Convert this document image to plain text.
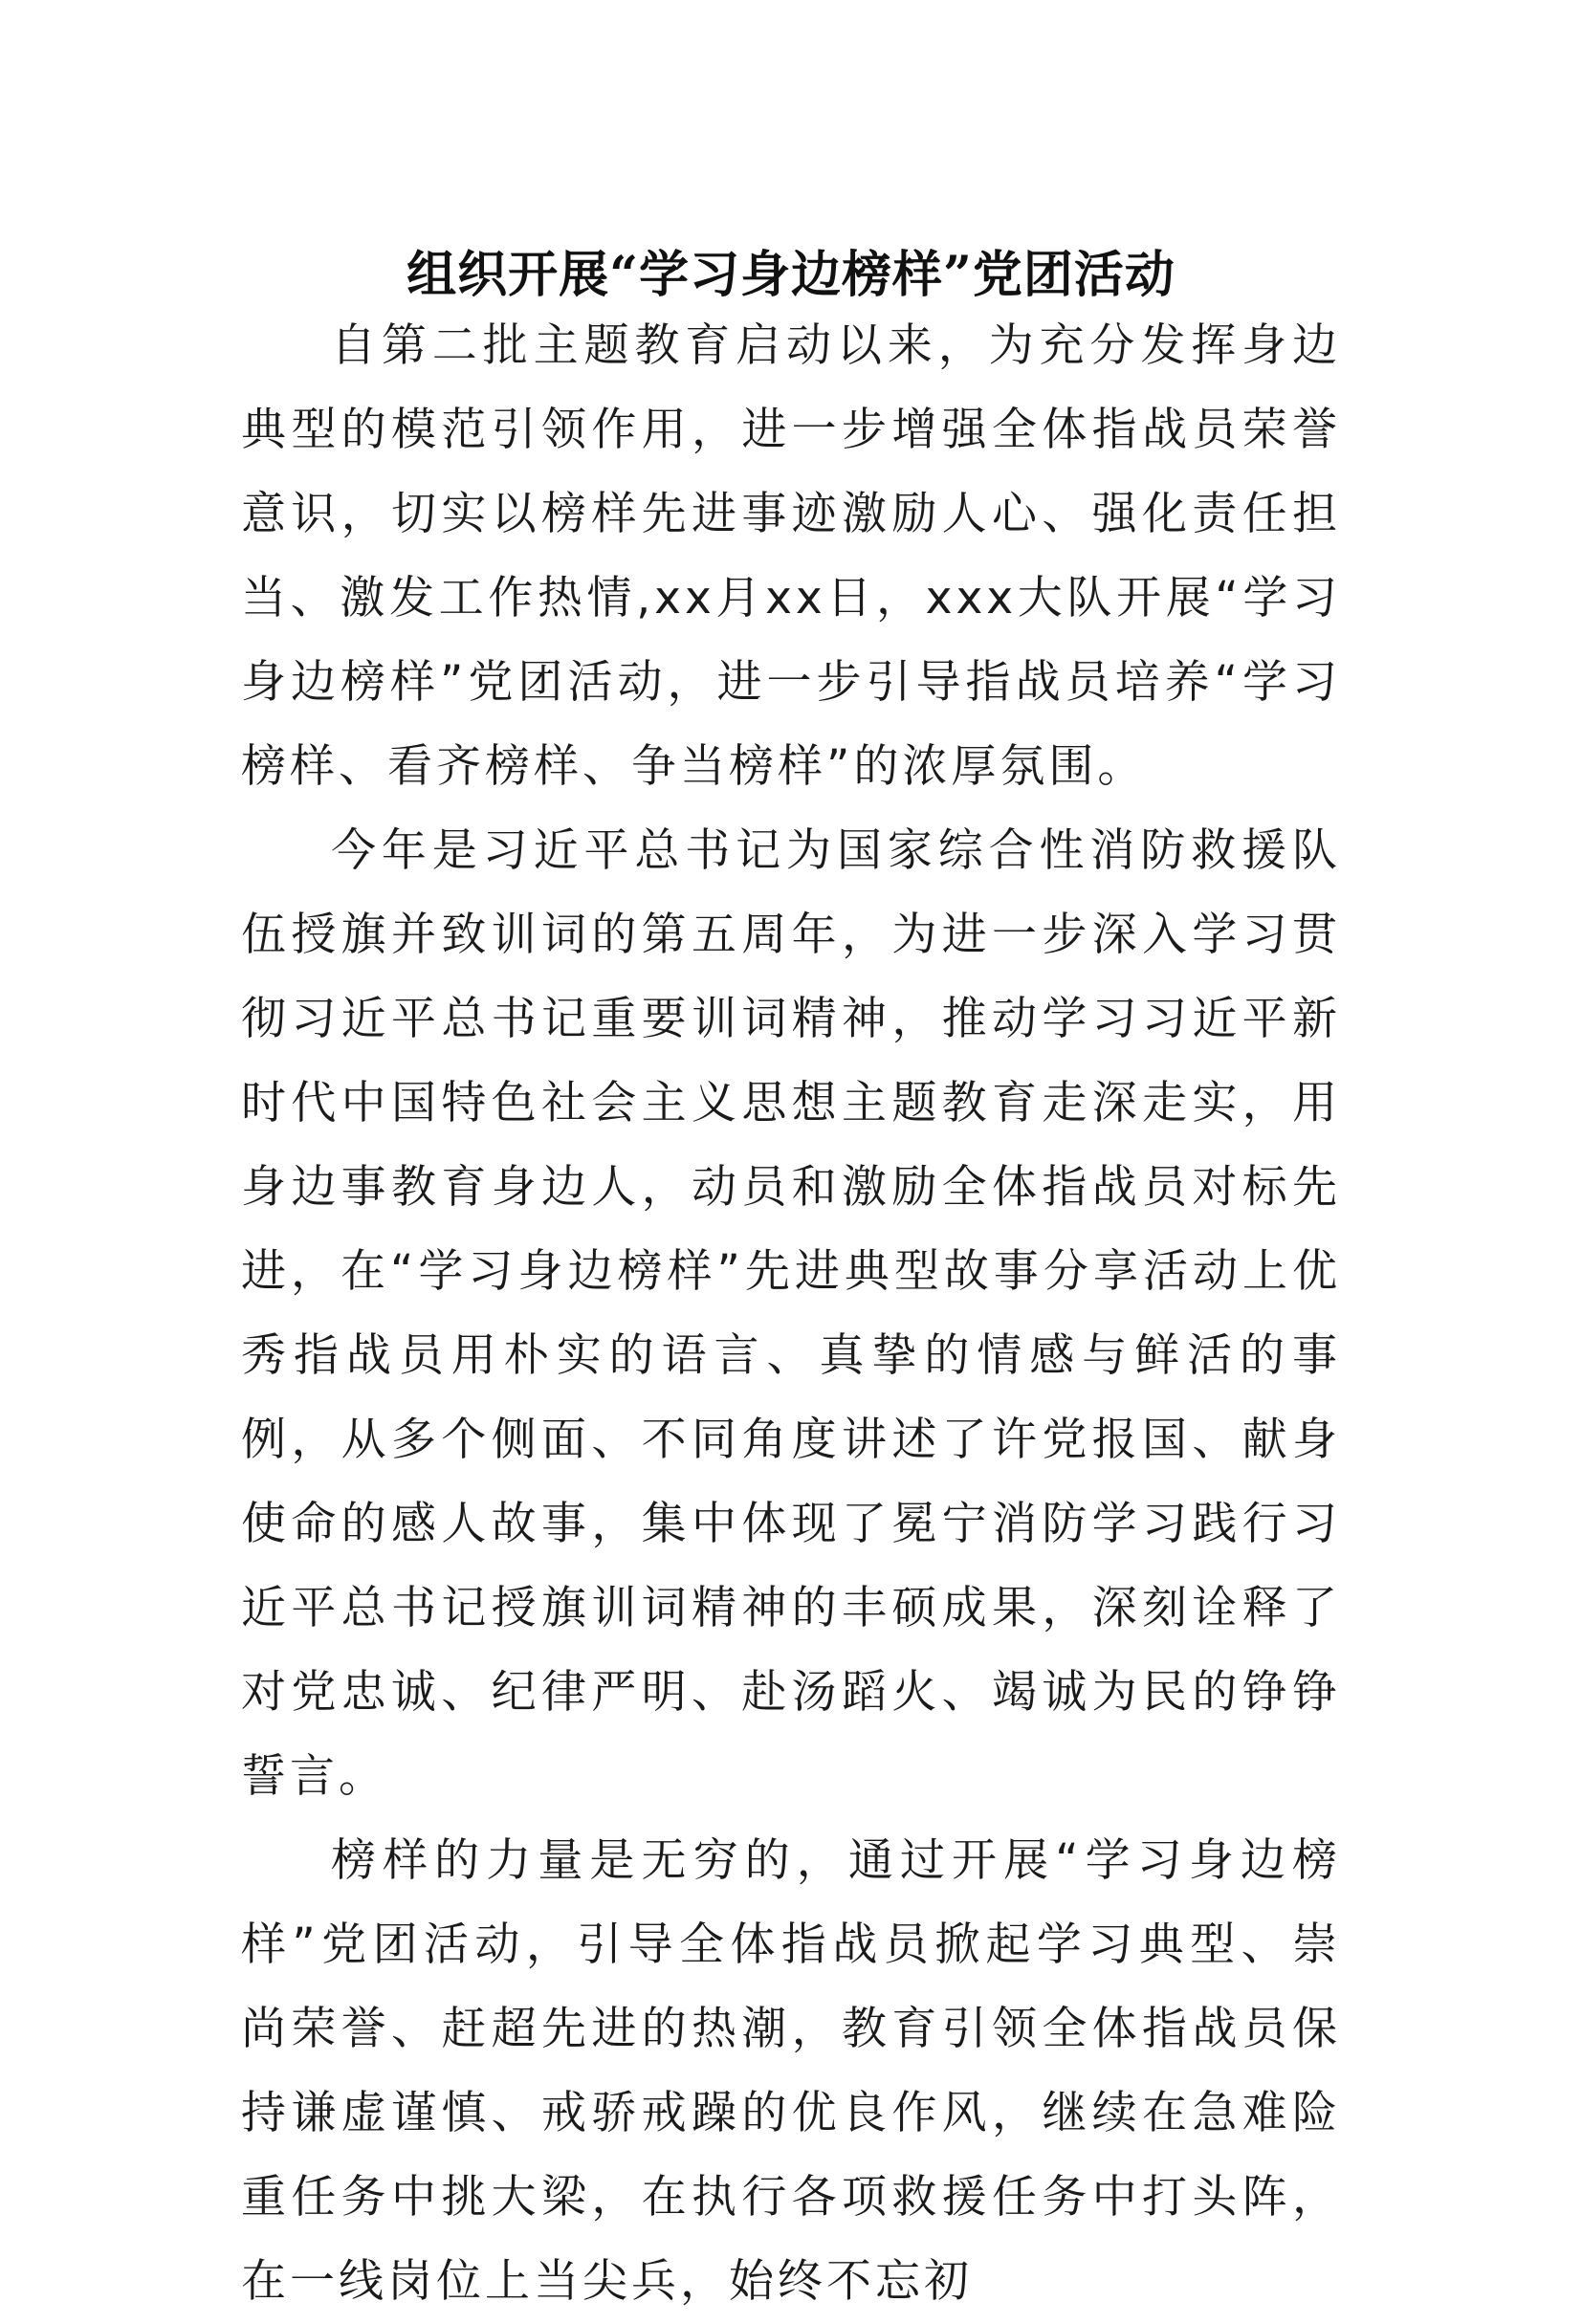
组织开展“学习身边榜样”党团活动

自第二批主题教育启动以来，为充分发挥身边典型的模范引领作用，进一步增强全体指战员荣誉意识，切实以榜样先进事迹激励人心、强化责任担当、激发工作热情,xx月xx日，xxx大队开展“学习身边榜样”党团活动，进一步引导指战员培养“学习榜样、看齐榜样、争当榜样”的浓厚氛围。

今年是习近平总书记为国家综合性消防救援队伍授旗并致训词的第五周年，为进一步深入学习贯彻习近平总书记重要训词精神，推动学习习近平新时代中国特色社会主义思想主题教育走深走实，用身边事教育身边人，动员和激励全体指战员对标先进，在“学习身边榜样”先进典型故事分享活动上优秀指战员用朴实的语言、真挚的情感与鲜活的事例，从多个侧面、不同角度讲述了许党报国、献身使命的感人故事，集中体现了冕宁消防学习践行习近平总书记授旗训词精神的丰硕成果，深刻诠释了对党忠诚、纪律严明、赴汤蹈火、竭诚为民的铮铮誓言。

榜样的力量是无穷的，通过开展“学习身边榜样”党团活动，引导全体指战员掀起学习典型、崇尚荣誉、赶超先进的热潮，教育引领全体指战员保持谦虚谨慎、戒骄戒躁的优良作风，继续在急难险重任务中挑大梁，在执行各项救援任务中打头阵，在一线岗位上当尖兵，始终不忘初
